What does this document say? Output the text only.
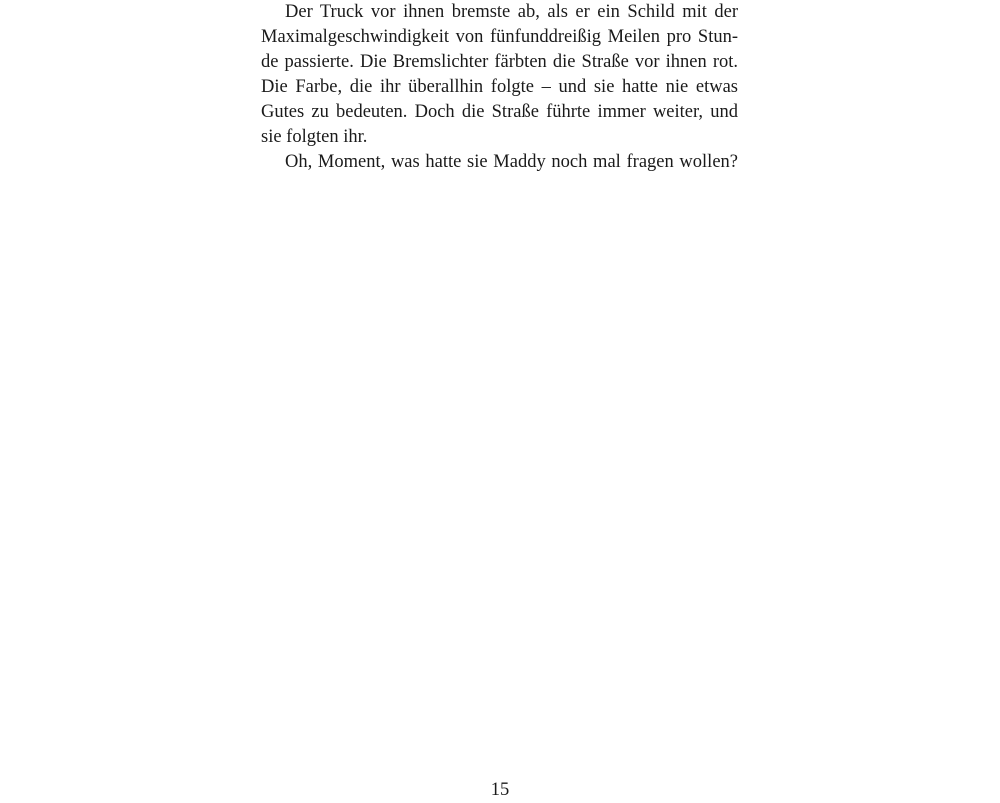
Der Truck vor ihnen bremste ab, als er ein Schild mit der
Maximalgeschwindigkeit von fünfunddreißig Meilen pro Stun-
de passierte. Die Bremslichter färbten die Straße vor ihnen rot.
Die Farbe, die ihr überallhin folgte – und sie hatte nie etwas
Gutes zu bedeuten. Doch die Straße führte immer weiter, und
sie folgten ihr.
Oh, Moment, was hatte sie Maddy noch mal fragen wollen?
15
